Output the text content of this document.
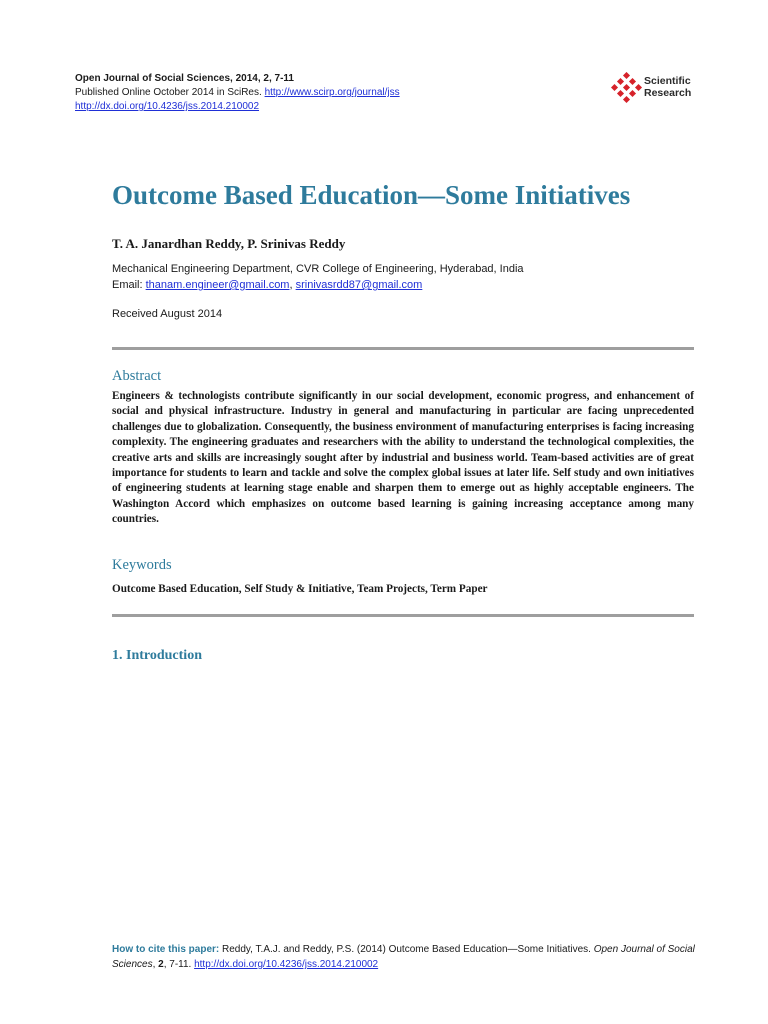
Open Journal of Social Sciences, 2014, 2, 7-11
Published Online October 2014 in SciRes. http://www.scirp.org/journal/jss
http://dx.doi.org/10.4236/jss.2014.210002
Scientific
Research
Outcome Based Education—Some Initiatives
T. A. Janardhan Reddy, P. Srinivas Reddy
Mechanical Engineering Department, CVR College of Engineering, Hyderabad, India
Email: thanam.engineer@gmail.com, srinivasrdd87@gmail.com
Received August 2014
Abstract

Engineers & technologists contribute significantly in our social development, economic progress, and enhancement of social and physical infrastructure. Industry in general and manufacturing in particular are facing unprecedented challenges due to globalization. Consequently, the business environment of manufacturing enterprises is facing increasing complexity. The engineering graduates and researchers with the ability to understand the technological complexities, the creative arts and skills are increasingly sought after by industrial and business world. Team-based activities are of great importance for students to learn and tackle and solve the complex global issues at later life. Self study and own initiatives of engineering students at learning stage enable and sharpen them to emerge out as highly acceptable engineers. The Washington Accord which emphasizes on outcome based learning is gaining increasing acceptance among many countries.

Keywords
Outcome Based Education, Self Study & Initiative, Team Projects, Term Paper
1. Introduction
How to cite this paper: Reddy, T.A.J. and Reddy, P.S. (2014) Outcome Based Education—Some Initiatives. Open Journal of Social Sciences, 2, 7-11. http://dx.doi.org/10.4236/jss.2014.210002
